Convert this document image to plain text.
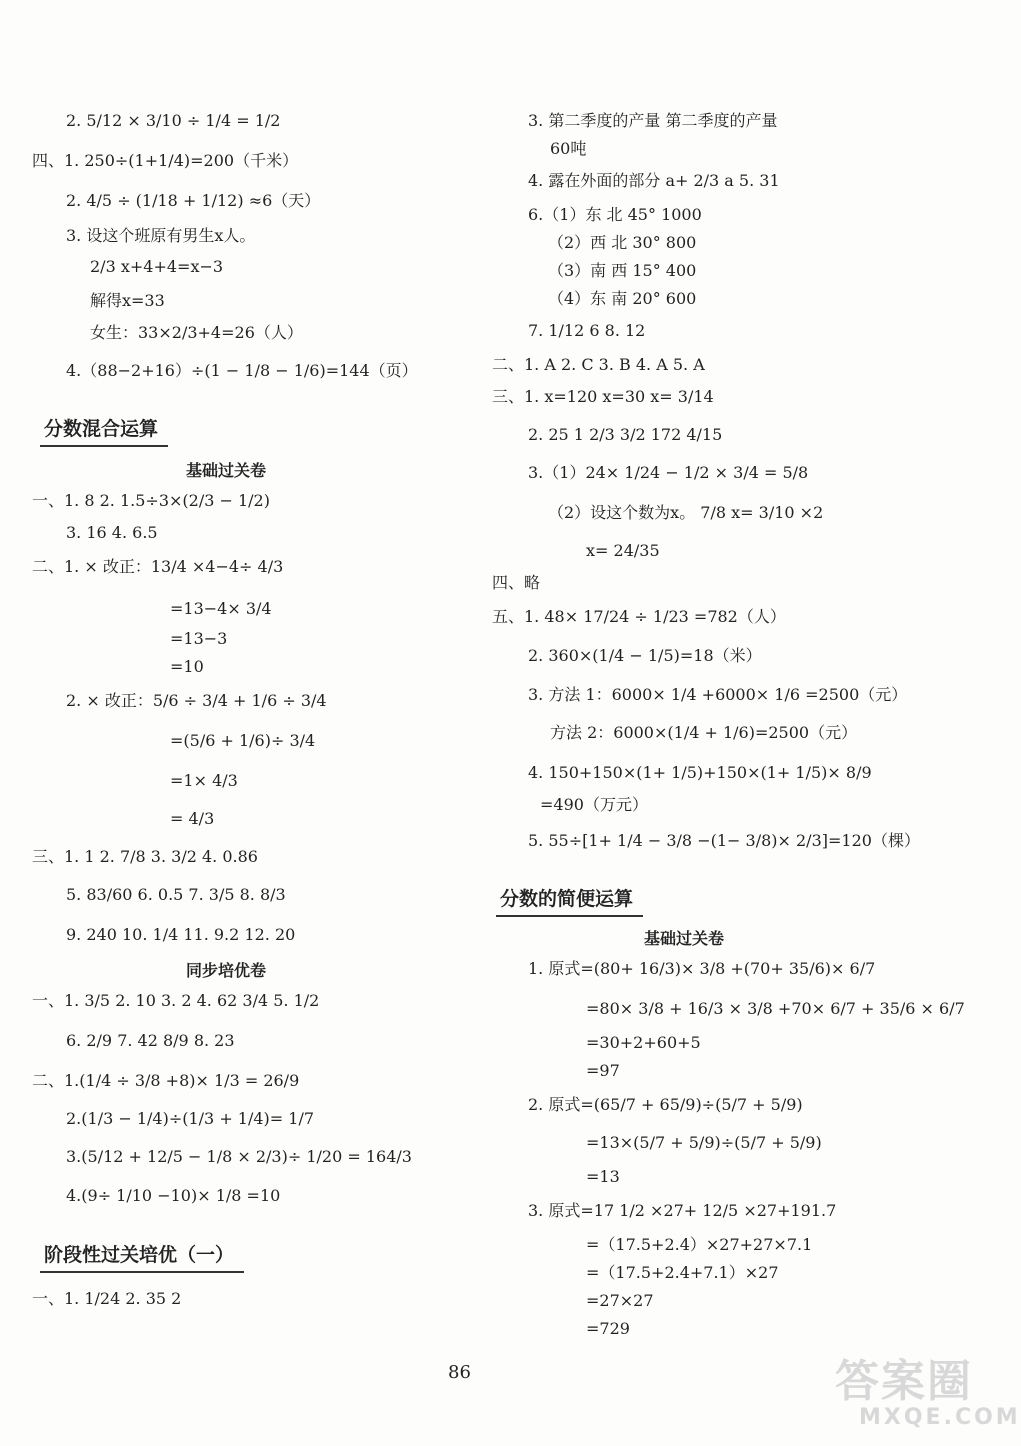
2. 5/12 × 3/10 ÷ 1/4 = 1/2
四、1. 250÷(1+1/4)=200（千米）
2. 4/5 ÷ (1/18 + 1/12) ≈6（天）
3. 设这个班原有男生x人。
2/3 x+4+4=x−3
解得x=33
女生：33×2/3+4=26（人）
4.（88−2+16）÷(1 − 1/8 − 1/6)=144（页）
分数混合运算
基础过关卷
一、1. 8 2. 1.5÷3×(2/3 − 1/2)
3. 16 4. 6.5
二、1. × 改正：13/4 ×4−4÷ 4/3
=13−4× 3/4
=13−3
=10
2. × 改正：5/6 ÷ 3/4 + 1/6 ÷ 3/4
=(5/6 + 1/6)÷ 3/4
=1× 4/3
= 4/3
三、1. 1 2. 7/8 3. 3/2 4. 0.86
5. 83/60 6. 0.5 7. 3/5 8. 8/3
9. 240 10. 1/4 11. 9.2 12. 20
同步培优卷
一、1. 3/5 2. 10 3. 2 4. 62 3/4 5. 1/2
6. 2/9 7. 42 8/9 8. 23
二、1.(1/4 ÷ 3/8 +8)× 1/3 = 26/9
2.(1/3 − 1/4)÷(1/3 + 1/4)= 1/7
3.(5/12 + 12/5 − 1/8 × 2/3)÷ 1/20 = 164/3
4.(9÷ 1/10 −10)× 1/8 =10
阶段性过关培优（一）
一、1. 1/24 2. 35 2
3. 第二季度的产量 第二季度的产量
60吨
4. 露在外面的部分 a+ 2/3 a 5. 31
6.（1）东 北 45° 1000
（2）西 北 30° 800
（3）南 西 15° 400
（4）东 南 20° 600
7. 1/12 6 8. 12
二、1. A 2. C 3. B 4. A 5. A
三、1. x=120 x=30 x= 3/14
2. 25 1 2/3 3/2 172 4/15
3.（1）24× 1/24 − 1/2 × 3/4 = 5/8
（2）设这个数为x。 7/8 x= 3/10 ×2
x= 24/35
四、略
五、1. 48× 17/24 ÷ 1/23 =782（人）
2. 360×(1/4 − 1/5)=18（米）
3. 方法 1：6000× 1/4 +6000× 1/6 =2500（元）
方法 2：6000×(1/4 + 1/6)=2500（元）
4. 150+150×(1+ 1/5)+150×(1+ 1/5)× 8/9
=490（万元）
5. 55÷[1+ 1/4 − 3/8 −(1− 3/8)× 2/3]=120（棵）
分数的简便运算
基础过关卷
1. 原式=(80+ 16/3)× 3/8 +(70+ 35/6)× 6/7
=80× 3/8 + 16/3 × 3/8 +70× 6/7 + 35/6 × 6/7
=30+2+60+5
=97
2. 原式=(65/7 + 65/9)÷(5/7 + 5/9)
=13×(5/7 + 5/9)÷(5/7 + 5/9)
=13
3. 原式=17 1/2 ×27+ 12/5 ×27+191.7
=（17.5+2.4）×27+27×7.1
=（17.5+2.4+7.1）×27
=27×27
=729
86	答案圈
MXQE.COM
